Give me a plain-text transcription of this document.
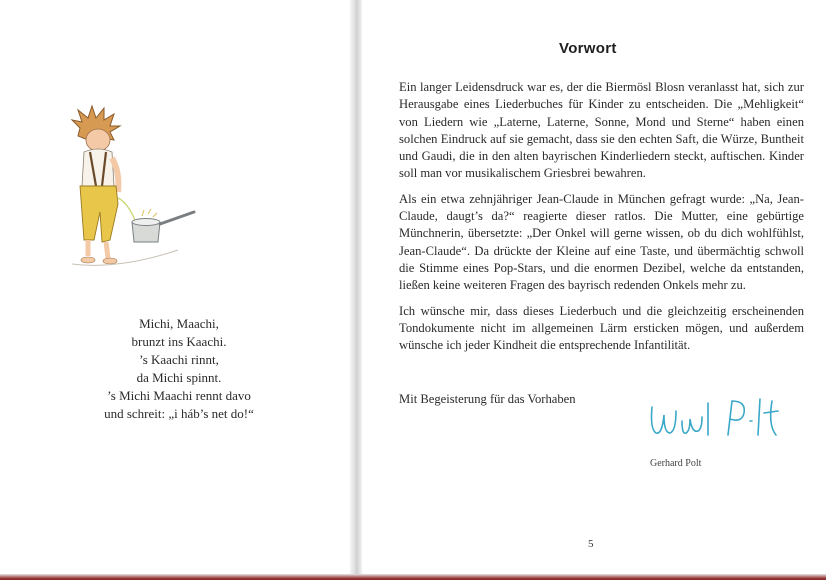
Michi, Maachi,
brunzt ins Kaachi.
’s Kaachi rinnt,
da Michi spinnt.
’s Michi Maachi rennt davo
und schreit: „i háb’s net do!“
Vorwort

Ein langer Leidensdruck war es, der die Biermösl Blosn veranlasst hat, sich zur Herausgabe eines Liederbuches für Kinder zu entscheiden. Die „Mehligkeit“ von Liedern wie „Laterne, Laterne, Sonne, Mond und Sterne“ haben einen solchen Eindruck auf sie gemacht, dass sie den echten Saft, die Würze, Buntheit und Gaudi, die in den alten bayrischen Kinderliedern steckt, auftischen. Kinder soll man vor musikalischem Griesbrei bewahren.

Als ein etwa zehnjähriger Jean-Claude in München gefragt wurde: „Na, Jean-Claude, daugt’s da?“ reagierte dieser ratlos. Die Mutter, eine gebürtige Münchnerin, übersetzte: „Der Onkel will gerne wissen, ob du dich wohlfühlst, Jean-Claude“. Da drückte der Kleine auf eine Taste, und übermächtig schwoll die Stimme eines Pop-Stars, und die enormen Dezibel, welche da entstanden, ließen keine weiteren Fragen des bayrisch redenden Onkels mehr zu.

Ich wünsche mir, dass dieses Liederbuch und die gleichzeitig erscheinenden Tondokumente nicht im allgemeinen Lärm ersticken mögen, und außerdem wünsche ich jeder Kindheit die entsprechende Infantilität.

Mit Begeisterung für das Vorhaben
Gerhard Polt
5
